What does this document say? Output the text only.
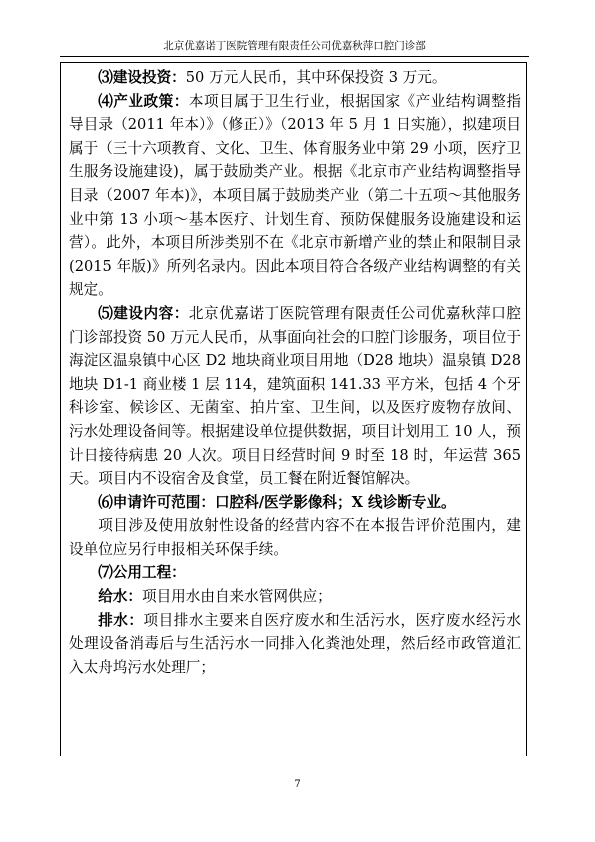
北京优嘉诺丁医院管理有限责任公司优嘉秋萍口腔门诊部

⑶建设投资：50 万元人民币，其中环保投资 3 万元。

⑷产业政策：本项目属于卫生行业，根据国家《产业结构调整指导目录（2011 年本）》（修正）》（2013 年 5 月 1 日实施），拟建项目属于（三十六项教育、文化、卫生、体育服务业中第 29 小项，医疗卫生服务设施建设)，属于鼓励类产业。根据《北京市产业结构调整指导目录（2007 年本)》，本项目属于鼓励类产业（第二十五项～其他服务业中第 13 小项～基本医疗、计划生育、预防保健服务设施建设和运营）。此外，本项目所涉类别不在《北京市新增产业的禁止和限制目录(2015 年版)》所列名录内。因此本项目符合各级产业结构调整的有关规定。

⑸建设内容：北京优嘉诺丁医院管理有限责任公司优嘉秋萍口腔门诊部投资 50 万元人民币，从事面向社会的口腔门诊服务，项目位于海淀区温泉镇中心区 D2 地块商业项目用地（D28 地块）温泉镇 D28 地块 D1-1 商业楼 1 层 114，建筑面积 141.33 平方米，包括 4 个牙科诊室、候诊区、无菌室、拍片室、卫生间，以及医疗废物存放间、污水处理设备间等。根据建设单位提供数据，项目计划用工 10 人，预计日接待病患 20 人次。项目日经营时间 9 时至 18 时，年运营 365 天。项目内不设宿舍及食堂，员工餐在附近餐馆解决。

⑹申请许可范围：口腔科/医学影像科；X 线诊断专业。

项目涉及使用放射性设备的经营内容不在本报告评价范围内，建设单位应另行申报相关环保手续。

⑺公用工程：

给水：项目用水由自来水管网供应；

排水：项目排水主要来自医疗废水和生活污水，医疗废水经污水处理设备消毒后与生活污水一同排入化粪池处理，然后经市政管道汇入太舟坞污水处理厂；

7
